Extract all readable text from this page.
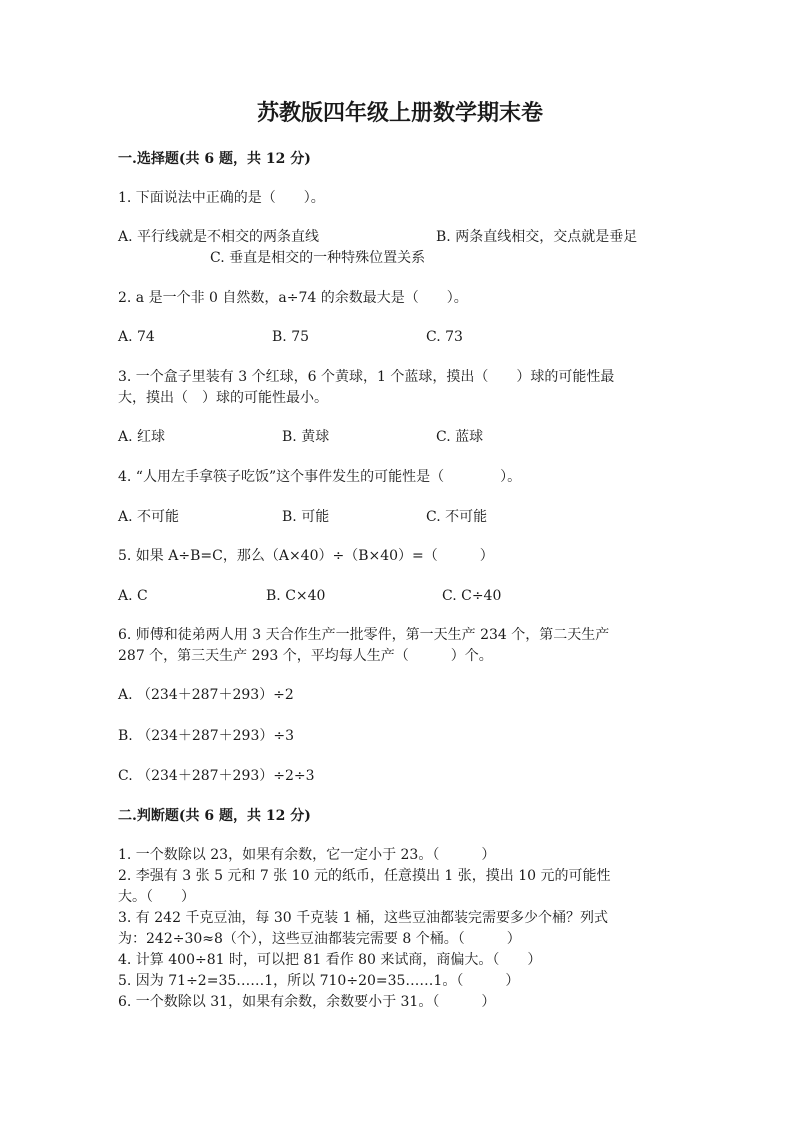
苏教版四年级上册数学期末卷
一.选择题(共 6 题，共 12 分)
1. 下面说法中正确的是（　　）。
A. 平行线就是不相交的两条直线	B. 两条直线相交，交点就是垂足
C. 垂直是相交的一种特殊位置关系
2. a 是一个非 0 自然数，a÷74 的余数最大是（　　）。
A. 74	B. 75	C. 73
3. 一个盒子里装有 3 个红球，6 个黄球，1 个蓝球，摸出（　　）球的可能性最
大，摸出（　）球的可能性最小。
A. 红球	B. 黄球	C. 蓝球
4. “人用左手拿筷子吃饭”这个事件发生的可能性是（　　　　）。
A. 不可能	B. 可能	C. 不可能
5. 如果 A÷B=C，那么（A×40）÷（B×40）=（　　　）
A. C	B. C×40	C. C÷40
6. 师傅和徒弟两人用 3 天合作生产一批零件，第一天生产 234 个，第二天生产
287 个，第三天生产 293 个，平均每人生产（　　　）个。
A. （234＋287＋293）÷2
B. （234＋287＋293）÷3
C. （234＋287＋293）÷2÷3
二.判断题(共 6 题，共 12 分)
1. 一个数除以 23，如果有余数，它一定小于 23。（　　　）
2. 李强有 3 张 5 元和 7 张 10 元的纸币，任意摸出 1 张，摸出 10 元的可能性
大。（　　）
3. 有 242 千克豆油，每 30 千克装 1 桶，这些豆油都装完需要多少个桶？列式
为：242÷30≈8（个），这些豆油都装完需要 8 个桶。（　　　）
4. 计算 400÷81 时，可以把 81 看作 80 来试商，商偏大。（　　）
5. 因为 71÷2=35……1，所以 710÷20=35……1。（　　　）
6. 一个数除以 31，如果有余数，余数要小于 31。（　　　）
